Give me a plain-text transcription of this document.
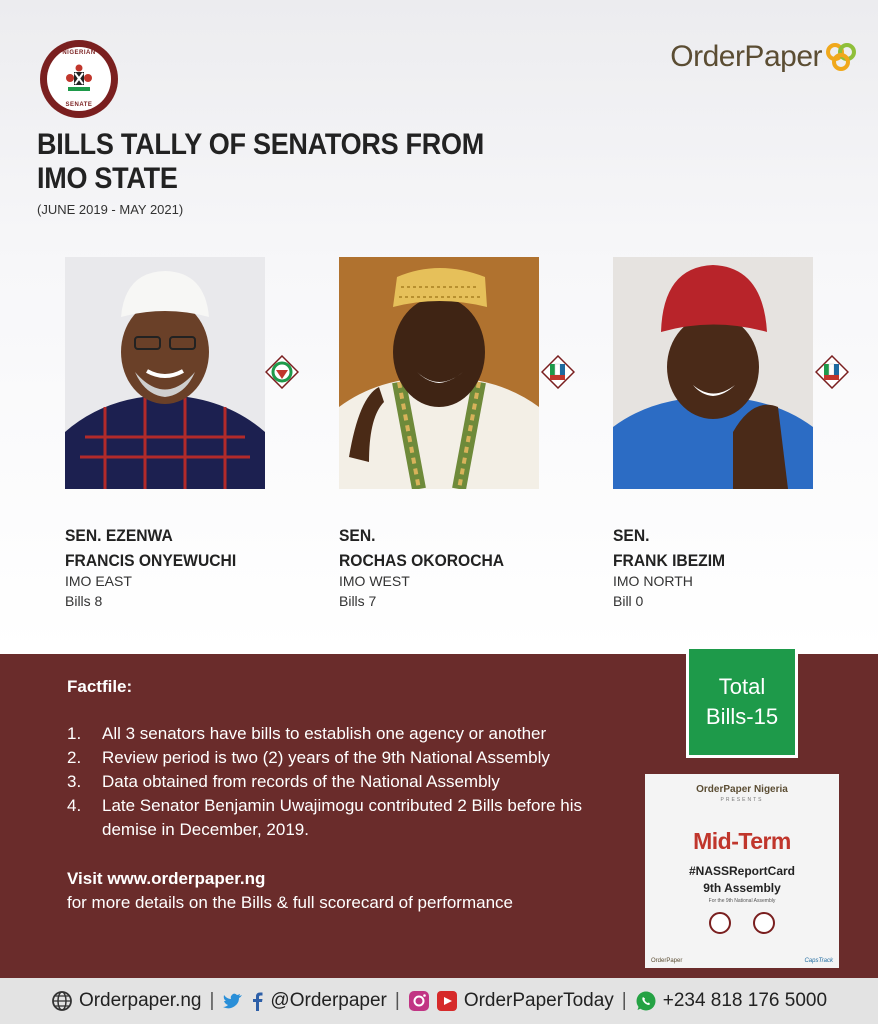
NIGERIAN
SENATE
OrderPaper
BILLS TALLY OF SENATORS FROM
IMO STATE
(JUNE 2019 - MAY 2021)
SEN. EZENWA
FRANCIS ONYEWUCHI
IMO EAST
Bills 8
SEN.
ROCHAS OKOROCHA
IMO WEST
Bills 7
SEN.
FRANK IBEZIM
IMO NORTH
Bill 0
Factfile:
1.	All 3 senators have bills to establish one agency or another
2.	Review period is two (2) years of the 9th National Assembly
3.	Data obtained from records of the National Assembly
4.	Late Senator Benjamin Uwajimogu contributed 2 Bills before his demise in December, 2019.
Visit www.orderpaper.ng
for more details on the Bills & full scorecard of performance
Total
Bills-15
OrderPaper Nigeria
PRESENTS
Mid-Term
#NASSReportCard
9th Assembly
For the 9th National Assembly
OrderPaper	CapsTrack
Orderpaper.ng |	@Orderpaper |	OrderPaperToday | +234 818 176 5000
